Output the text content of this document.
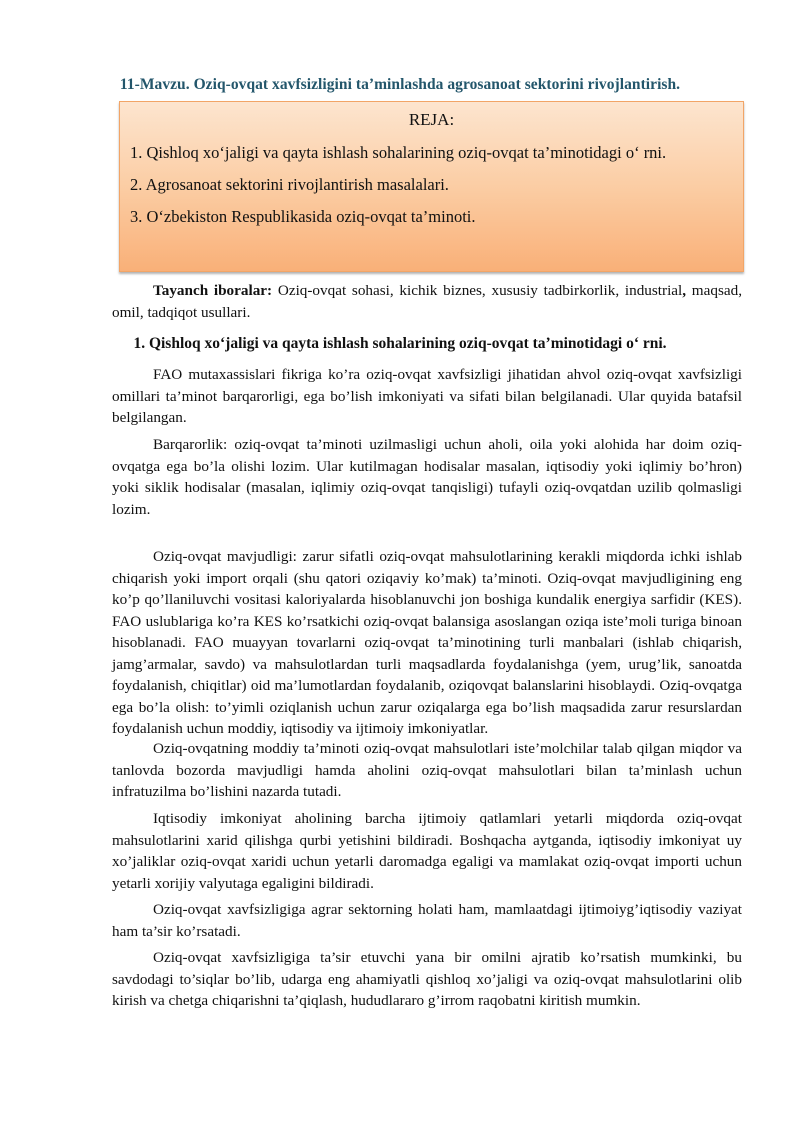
11-Mavzu. Oziq-ovqat xavfsizligini ta’minlashda agrosanoat sektorini rivojlantirish.
REJA:
1. Qishloq xo‘jaligi va qayta ishlash sohalarining oziq-ovqat ta’minotidagi o‘ rni.
2. Agrosanoat sektorini rivojlantirish masalalari.
3. O‘zbekiston Respublikasida oziq-ovqat ta’minoti.
Tayanch iboralar: Oziq-ovqat sohasi, kichik biznes, xususiy tadbirkorlik, industrial, maqsad, omil, tadqiqot usullari.
1. Qishloq xo‘jaligi va qayta ishlash sohalarining oziq-ovqat ta’minotidagi o‘ rni.
FAO mutaxassislari fikriga ko’ra oziq-ovqat xavfsizligi jihatidan ahvol oziq-ovqat xavfsizligi omillari ta’minot barqarorligi, ega bo’lish imkoniyati va sifati bilan belgilanadi. Ular quyida batafsil belgilangan.
Barqarorlik: oziq-ovqat ta’minoti uzilmasligi uchun aholi, oila yoki alohida har doim oziq-ovqatga ega bo’la olishi lozim. Ular kutilmagan hodisalar masalan, iqtisodiy yoki iqlimiy bo’hron) yoki siklik hodisalar (masalan, iqlimiy oziq-ovqat tanqisligi) tufayli oziq-ovqatdan uzilib qolmasligi lozim.
Oziq-ovqat mavjudligi: zarur sifatli oziq-ovqat mahsulotlarining kerakli miqdorda ichki ishlab chiqarish yoki import orqali (shu qatori oziqaviy ko’mak) ta’minoti. Oziq-ovqat mavjudligining eng ko’p qo’llaniluvchi vositasi kaloriyalarda hisoblanuvchi jon boshiga kundalik energiya sarfidir (KES). FAO uslublariga ko’ra KES ko’rsatkichi oziq-ovqat balansiga asoslangan oziqa iste’moli turiga binoan hisoblanadi. FAO muayyan tovarlarni oziq-ovqat ta’minotining turli manbalari (ishlab chiqarish, jamg’armalar, savdo) va mahsulotlardan turli maqsadlarda foydalanishga (yem, urug’lik, sanoatda foydalanish, chiqitlar) oid ma’lumotlardan foydalanib, oziqovqat balanslarini hisoblaydi. Oziq-ovqatga ega bo’la olish: to’yimli oziqlanish uchun zarur oziqalarga ega bo’lish maqsadida zarur resurslardan foydalanish uchun moddiy, iqtisodiy va ijtimoiy imkoniyatlar.
Oziq-ovqatning moddiy ta’minoti oziq-ovqat mahsulotlari iste’molchilar talab qilgan miqdor va tanlovda bozorda mavjudligi hamda aholini oziq-ovqat mahsulotlari bilan ta’minlash uchun infratuzilma bo’lishini nazarda tutadi.
Iqtisodiy imkoniyat aholining barcha ijtimoiy qatlamlari yetarli miqdorda oziq-ovqat mahsulotlarini xarid qilishga qurbi yetishini bildiradi. Boshqacha aytganda, iqtisodiy imkoniyat uy xo’jaliklar oziq-ovqat xaridi uchun yetarli daromadga egaligi va mamlakat oziq-ovqat importi uchun yetarli xorijiy valyutaga egaligini bildiradi.
Oziq-ovqat xavfsizligiga agrar sektorning holati ham, mamlaatdagi ijtimoiyg’iqtisodiy vaziyat ham ta’sir ko’rsatadi.
Oziq-ovqat xavfsizligiga ta’sir etuvchi yana bir omilni ajratib ko’rsatish mumkinki, bu savdodagi to’siqlar bo’lib, udarga eng ahamiyatli qishloq xo’jaligi va oziq-ovqat mahsulotlarini olib kirish va chetga chiqarishni ta’qiqlash, hududlararo g’irrom raqobatni kiritish mumkin.
